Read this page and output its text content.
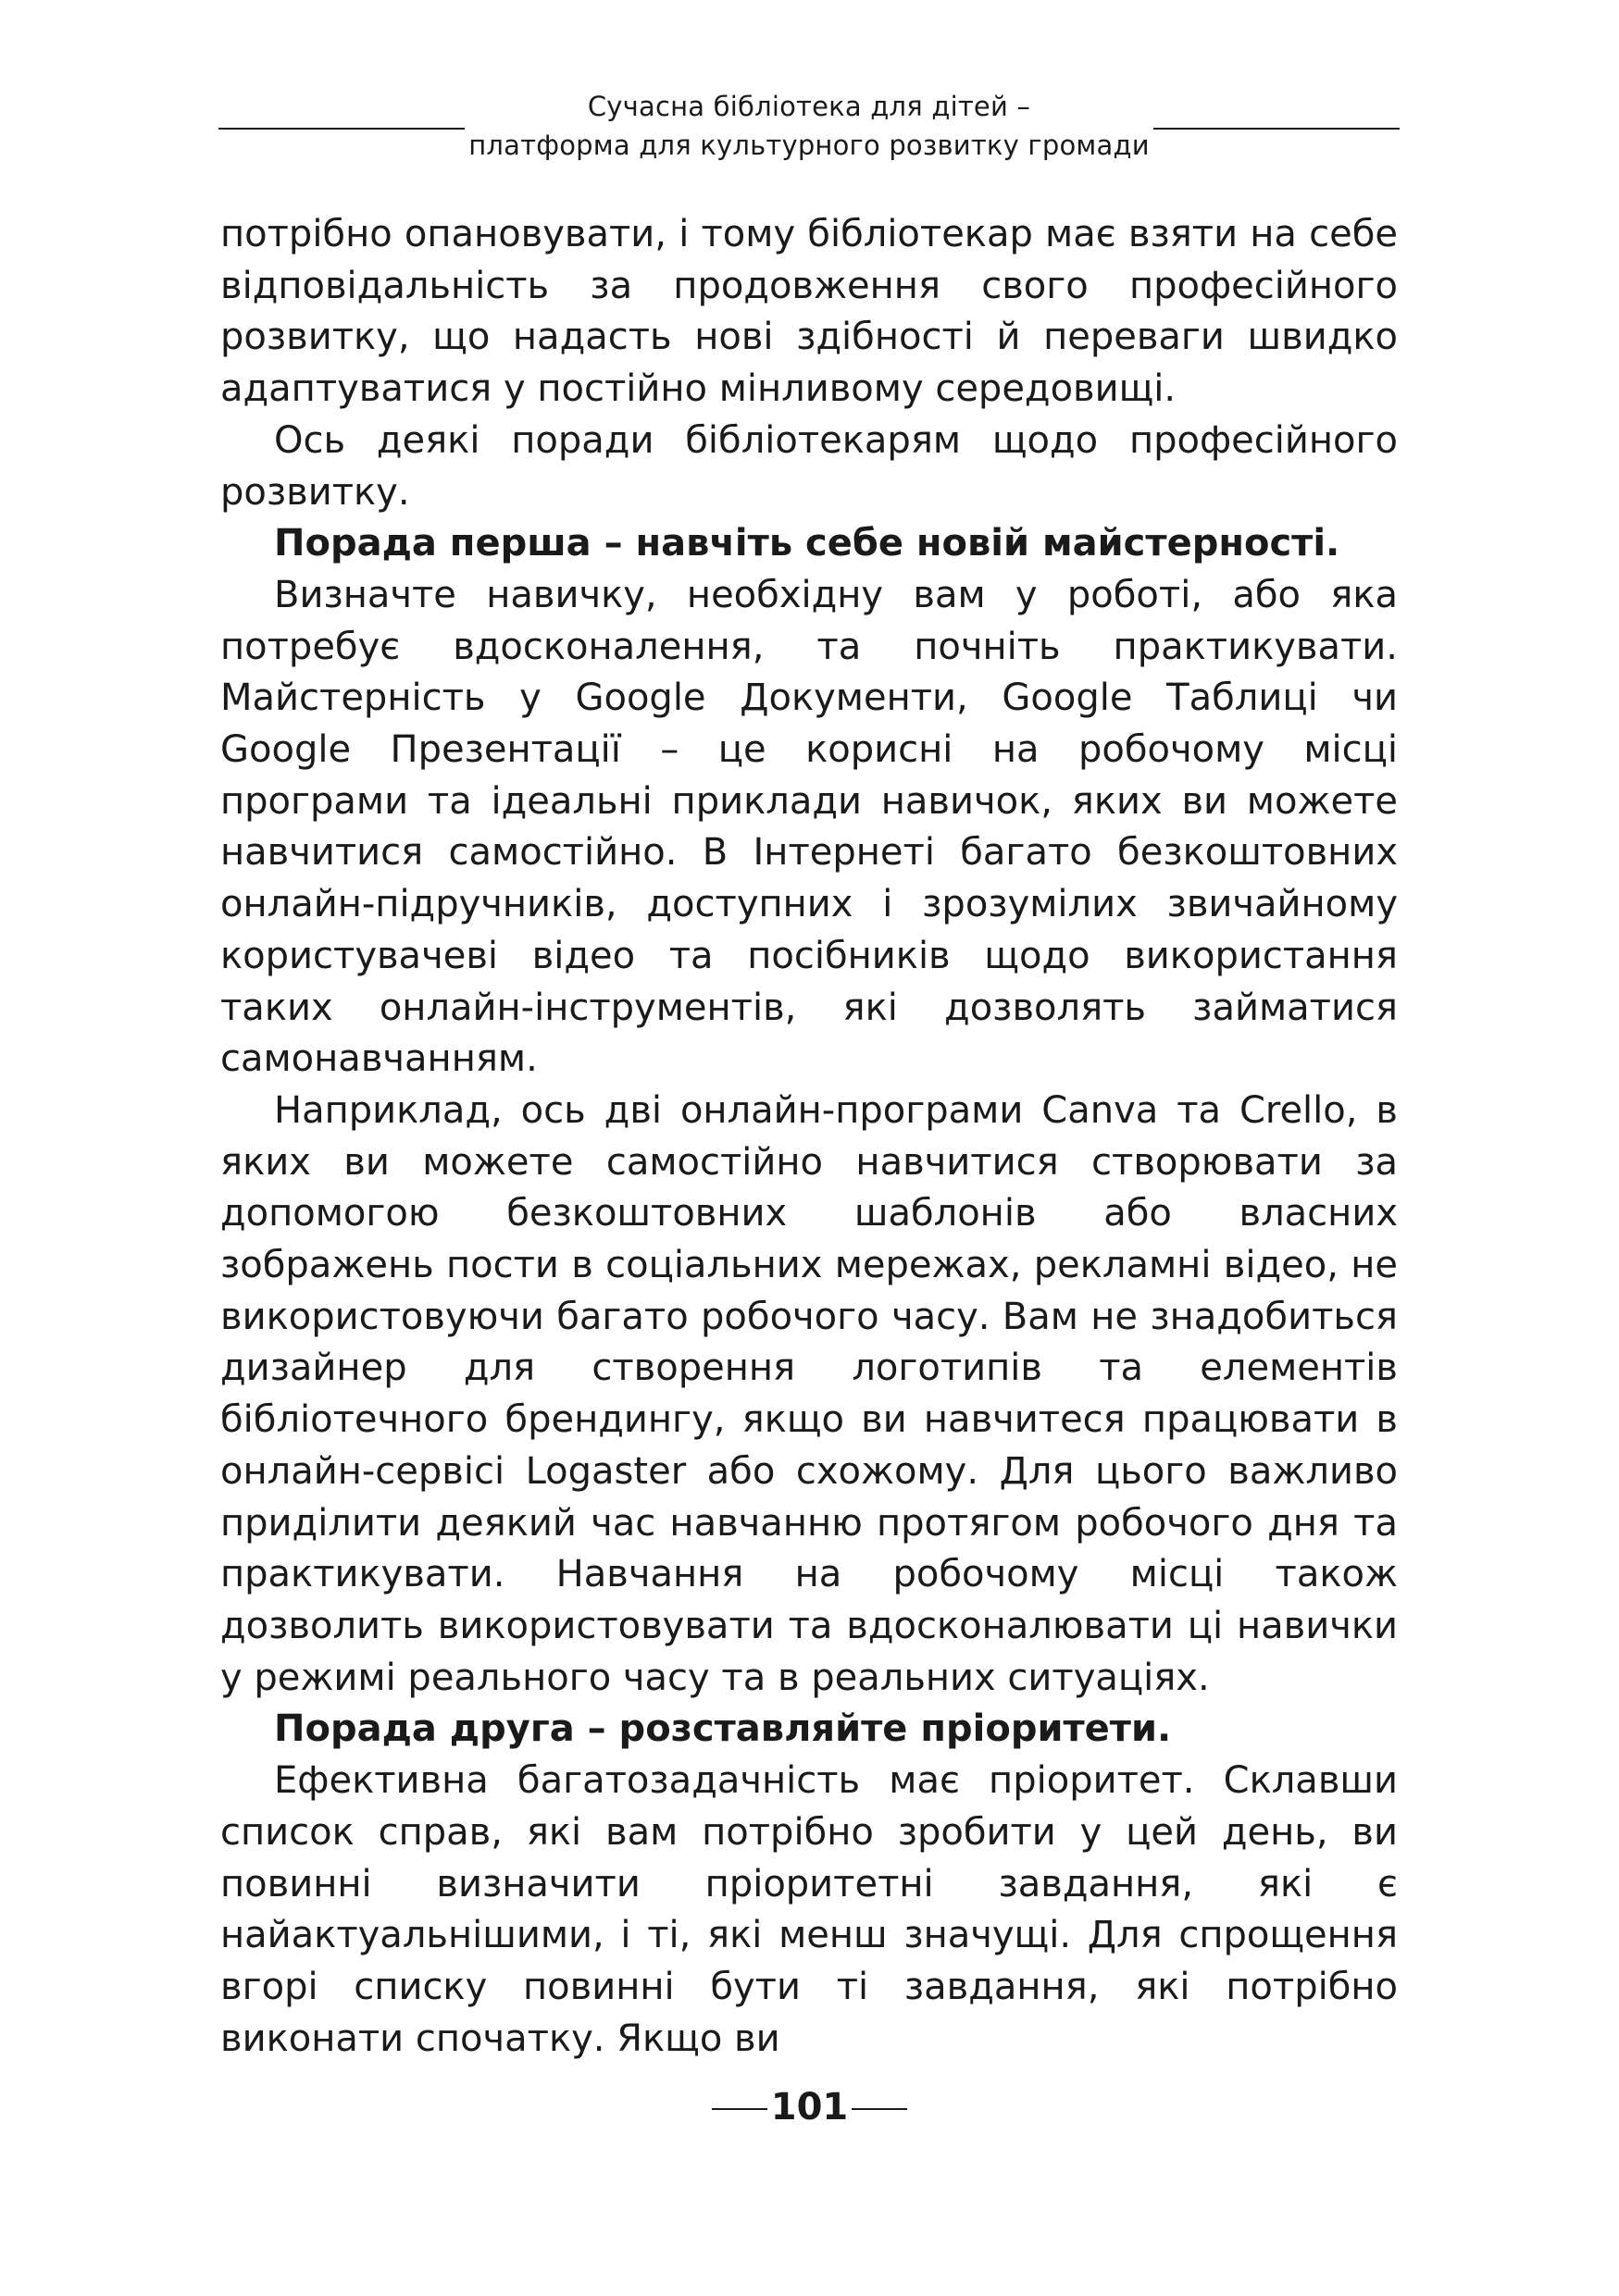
Сучасна бібліотека для дітей –
платформа для культурного розвитку громади

потрібно опановувати, і тому бібліотекар має взяти на себе відповідальність за продовження свого професійного розвитку, що надасть нові здібності й переваги швидко адаптуватися у постійно мінливому середовищі.

Ось деякі поради бібліотекарям щодо професійного розвитку.

Порада перша – навчіть себе новій майстерності.

Визначте навичку, необхідну вам у роботі, або яка потребує вдосконалення, та почніть практикувати. Майстерність у Google Документи, Google Таблиці чи Google Презентації – це корисні на робочому місці програми та ідеальні приклади навичок, яких ви можете навчитися самостійно. В Інтернеті багато безкоштовних онлайн-підручників, доступних і зрозумілих звичайному користувачеві відео та посібників щодо використання таких онлайн-інструментів, які дозволять займатися самонавчанням.

Наприклад, ось дві онлайн-програми Canva та Crello, в яких ви можете самостійно навчитися створювати за допомогою безкоштовних шаблонів або власних зображень пости в соціальних мережах, рекламні відео, не використовуючи багато робочого часу. Вам не знадобиться дизайнер для створення логотипів та елементів бібліотечного брендингу, якщо ви навчитеся працювати в онлайн-сервісі Logaster або схожому. Для цього важливо приділити деякий час навчанню протягом робочого дня та практикувати. Навчання на робочому місці також дозволить використовувати та вдосконалювати ці навички у режимі реального часу та в реальних ситуаціях.

Порада друга – розставляйте пріоритети.

Ефективна багатозадачність має пріоритет. Склавши список справ, які вам потрібно зробити у цей день, ви повинні визначити пріоритетні завдання, які є найактуальнішими, і ті, які менш значущі. Для спрощення вгорі списку повинні бути ті завдання, які потрібно виконати спочатку. Якщо ви

101
